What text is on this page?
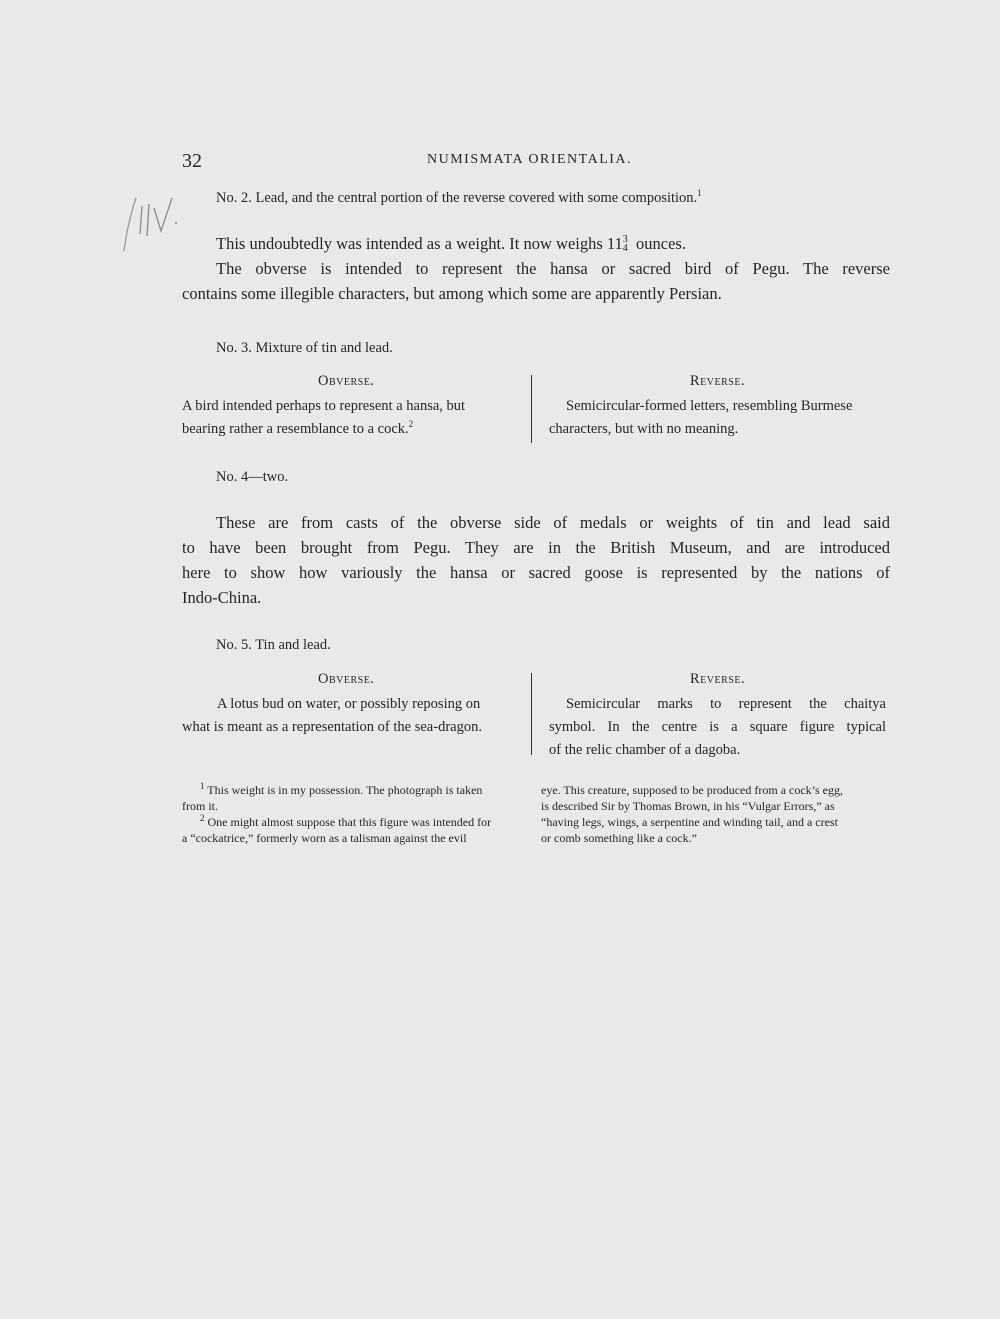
32	NUMISMATA ORIENTALIA.
No. 2. Lead, and the central portion of the reverse covered with some composition.$^1$
This undoubtedly was intended as a weight. It now weighs 11 3
4 ounces.
The obverse is intended to represent the hansa or sacred bird of Pegu. The reverse
contains some illegible characters, but among which some are apparently Persian.
No. 3. Mixture of tin and lead.
Obverse.
A bird intended perhaps to represent a hansa, but
bearing rather a resemblance to a cock.$^2$
Reverse.
Semicircular-formed letters, resembling Burmese
characters, but with no meaning.
No. 4—two.
These are from casts of the obverse side of medals or weights of tin and lead said
to have been brought from Pegu. They are in the British Museum, and are introduced
here to show how variously the hansa or sacred goose is represented by the nations of
Indo-China.
No. 5. Tin and lead.
Obverse.
A lotus bud on water, or possibly reposing on
what is meant as a representation of the sea-dragon.
Reverse.
Semicircular marks to represent the chaitya
symbol. In the centre is a square figure typical
of the relic chamber of a dagoba.
$^1$ This weight is in my possession. The photograph is taken
from it.
$^2$ One might almost suppose that this figure was intended for
a “cockatrice,” formerly worn as a talisman against the evil
eye. This creature, supposed to be produced from a cock’s egg,
is described Sir by Thomas Brown, in his “Vulgar Errors,” as
“having legs, wings, a serpentine and winding tail, and a crest
or comb something like a cock.”
